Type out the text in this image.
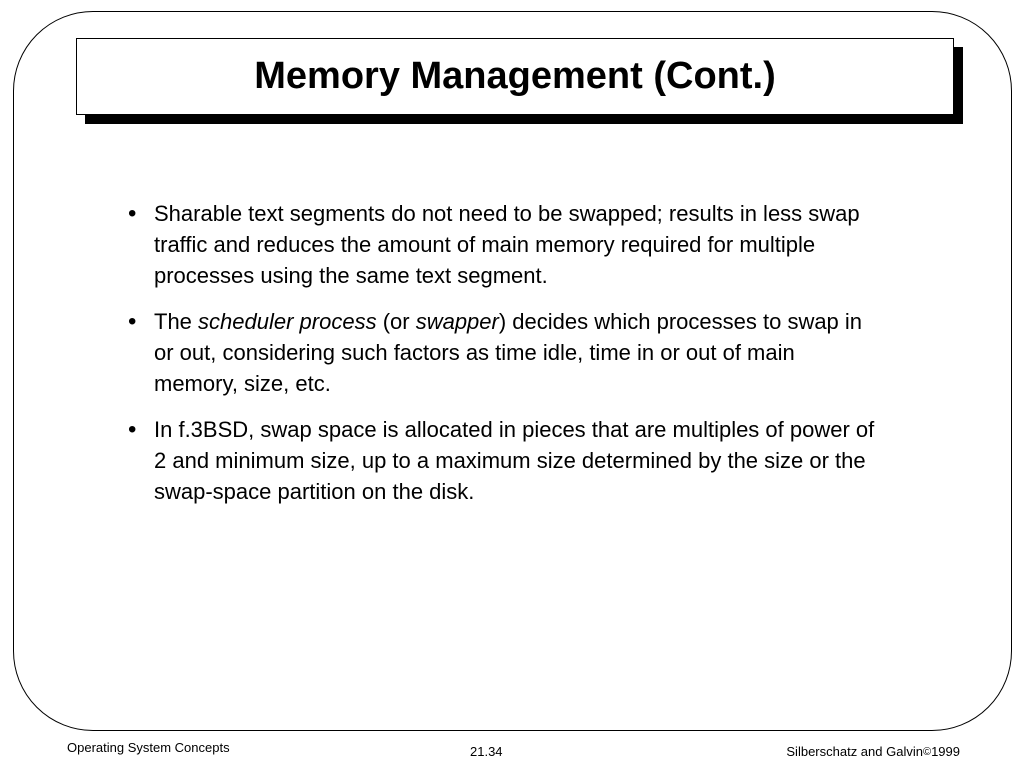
Memory Management (Cont.)
• Sharable text segments do not need to be swapped; results in less swap traffic and reduces the amount of main memory required for multiple processes using the same text segment.
• The scheduler process (or swapper) decides which processes to swap in or out, considering such factors as time idle, time in or out of main memory, size, etc.
• In f.3BSD, swap space is allocated in pieces that are multiples of power of 2 and minimum size, up to a maximum size determined by the size or the swap-space partition on the disk.
Operating System Concepts	21.34	Silberschatz and Galvin©1999
